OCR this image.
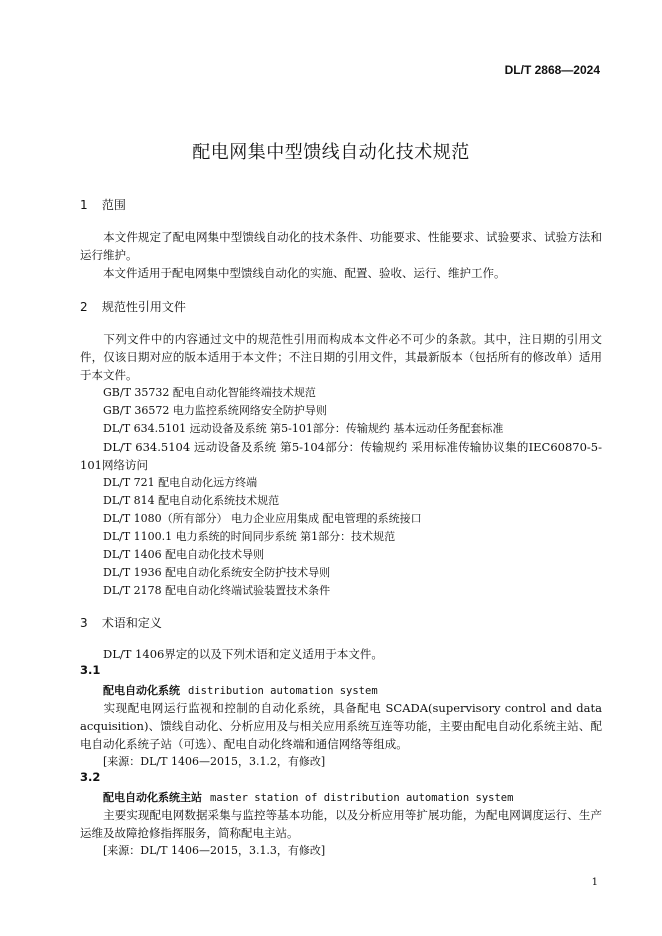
DL/T 2868—2024
配电网集中型馈线自动化技术规范
1 范围
本文件规定了配电网集中型馈线自动化的技术条件、功能要求、性能要求、试验要求、试验方法和运行维护。
本文件适用于配电网集中型馈线自动化的实施、配置、验收、运行、维护工作。
2 规范性引用文件
下列文件中的内容通过文中的规范性引用而构成本文件必不可少的条款。其中，注日期的引用文件，仅该日期对应的版本适用于本文件；不注日期的引用文件，其最新版本（包括所有的修改单）适用于本文件。
GB/T 35732 配电自动化智能终端技术规范
GB/T 36572 电力监控系统网络安全防护导则
DL/T 634.5101 远动设备及系统 第5-101部分：传输规约 基本远动任务配套标准
DL/T 634.5104 远动设备及系统 第5-104部分：传输规约 采用标准传输协议集的IEC60870-5-101网络访问
DL/T 721 配电自动化远方终端
DL/T 814 配电自动化系统技术规范
DL/T 1080（所有部分） 电力企业应用集成 配电管理的系统接口
DL/T 1100.1 电力系统的时间同步系统 第1部分：技术规范
DL/T 1406 配电自动化技术导则
DL/T 1936 配电自动化系统安全防护技术导则
DL/T 2178 配电自动化终端试验装置技术条件
3 术语和定义
DL/T 1406界定的以及下列术语和定义适用于本文件。
3.1
配电自动化系统 distribution automation system
实现配电网运行监视和控制的自动化系统，具备配电 SCADA(supervisory control and data acquisition)、馈线自动化、分析应用及与相关应用系统互连等功能，主要由配电自动化系统主站、配电自动化系统子站（可选）、配电自动化终端和通信网络等组成。
[来源：DL/T 1406—2015，3.1.2，有修改]
3.2
配电自动化系统主站 master station of distribution automation system
主要实现配电网数据采集与监控等基本功能，以及分析应用等扩展功能，为配电网调度运行、生产运维及故障抢修指挥服务，简称配电主站。
[来源：DL/T 1406—2015，3.1.3，有修改]
1
